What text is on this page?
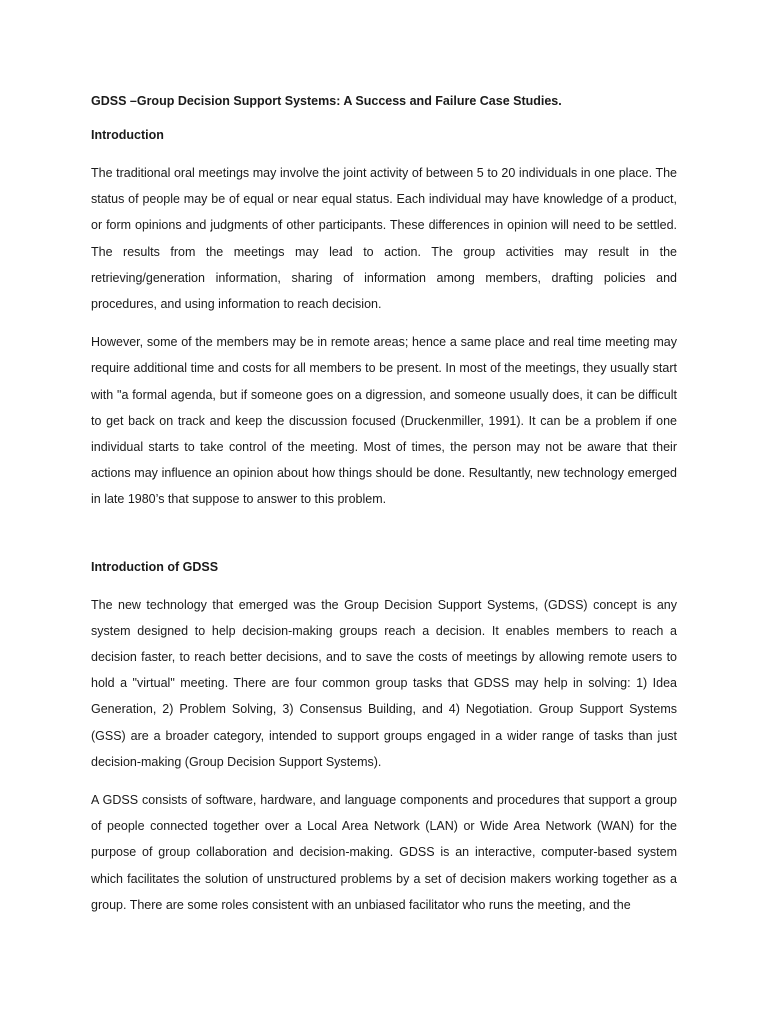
GDSS –Group Decision Support Systems: A Success and Failure Case Studies.

Introduction

The traditional oral meetings may involve the joint activity of between 5 to 20 individuals in one place. The status of people may be of equal or near equal status. Each individual may have knowledge of a product, or form opinions and judgments of other participants. These differences in opinion will need to be settled. The results from the meetings may lead to action. The group activities may result in the retrieving/generation information, sharing of information among members, drafting policies and procedures, and using information to reach decision.

However, some of the members may be in remote areas; hence a same place and real time meeting may require additional time and costs for all members to be present. In most of the meetings, they usually start with "a formal agenda, but if someone goes on a digression, and someone usually does, it can be difficult to get back on track and keep the discussion focused (Druckenmiller, 1991). It can be a problem if one individual starts to take control of the meeting. Most of times, the person may not be aware that their actions may influence an opinion about how things should be done. Resultantly, new technology emerged in late 1980’s that suppose to answer to this problem.

Introduction of GDSS

The new technology that emerged was the Group Decision Support Systems, (GDSS) concept is any system designed to help decision-making groups reach a decision. It enables members to reach a decision faster, to reach better decisions, and to save the costs of meetings by allowing remote users to hold a "virtual" meeting. There are four common group tasks that GDSS may help in solving: 1) Idea Generation, 2) Problem Solving, 3) Consensus Building, and 4) Negotiation. Group Support Systems (GSS) are a broader category, intended to support groups engaged in a wider range of tasks than just decision-making (Group Decision Support Systems).

A GDSS consists of software, hardware, and language components and procedures that support a group of people connected together over a Local Area Network (LAN) or Wide Area Network (WAN) for the purpose of group collaboration and decision-making. GDSS is an interactive, computer-based system which facilitates the solution of unstructured problems by a set of decision makers working together as a group. There are some roles consistent with an unbiased facilitator who runs the meeting, and the
